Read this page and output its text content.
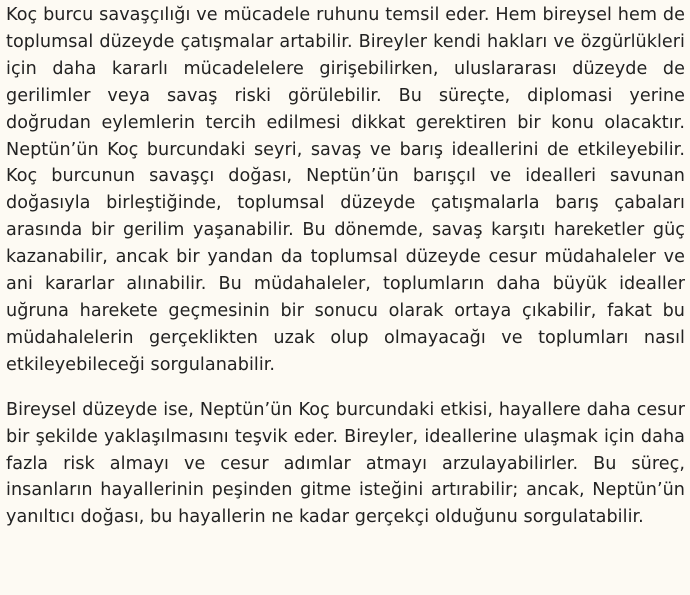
Koç burcu savaşçılığı ve mücadele ruhunu temsil eder. Hem bireysel hem de toplumsal düzeyde çatışmalar artabilir. Bireyler kendi hakları ve özgürlükleri için daha kararlı mücadelelere girişebilirken, uluslararası düzeyde de gerilimler veya savaş riski görülebilir. Bu süreçte, diplomasi yerine doğrudan eylemlerin tercih edilmesi dikkat gerektiren bir konu olacaktır. Neptün’ün Koç burcundaki seyri, savaş ve barış ideallerini de etkileyebilir. Koç burcunun savaşçı doğası, Neptün’ün barışçıl ve idealleri savunan doğasıyla birleştiğinde, toplumsal düzeyde çatışmalarla barış çabaları arasında bir gerilim yaşanabilir. Bu dönemde, savaş karşıtı hareketler güç kazanabilir, ancak bir yandan da toplumsal düzeyde cesur müdahaleler ve ani kararlar alınabilir. Bu müdahaleler, toplumların daha büyük idealler uğruna harekete geçmesinin bir sonucu olarak ortaya çıkabilir, fakat bu müdahalelerin gerçeklikten uzak olup olmayacağı ve toplumları nasıl etkileyebileceği sorgulanabilir.

Bireysel düzeyde ise, Neptün’ün Koç burcundaki etkisi, hayallere daha cesur bir şekilde yaklaşılmasını teşvik eder. Bireyler, ideallerine ulaşmak için daha fazla risk almayı ve cesur adımlar atmayı arzulayabilirler. Bu süreç, insanların hayallerinin peşinden gitme isteğini artırabilir; ancak, Neptün’ün yanıltıcı doğası, bu hayallerin ne kadar gerçekçi olduğunu sorgulatabilir.
